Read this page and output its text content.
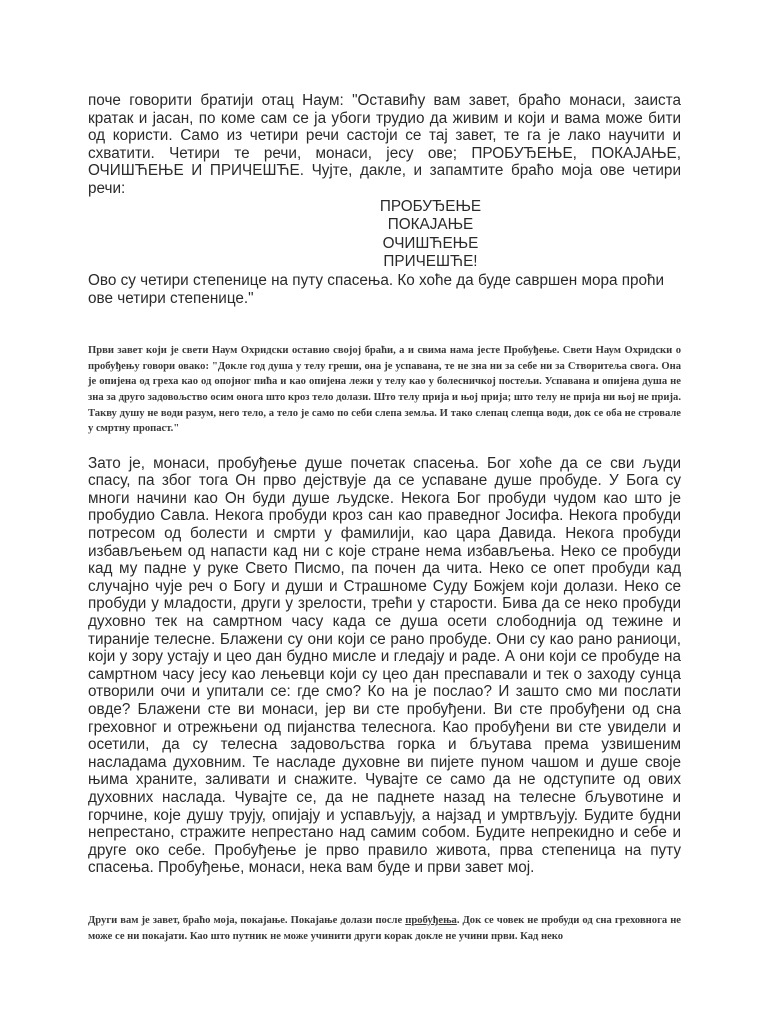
поче говорити братији отац Наум: "Оставићу вам завет, браћо монаси, заиста кратак и јасан, по коме сам се ја убоги трудио да живим и који и вама може бити од користи. Само из четири речи састоји се тај завет, те га је лако научити и схватити. Четири те речи, монаси, јесу ове; ПРОБУЂЕЊЕ, ПОКАЈАЊЕ, ОЧИШЋЕЊЕ И ПРИЧЕШЋЕ. Чујте, дакле, и запамтите браћо моја ове четири речи:

ПРОБУЂЕЊЕ
ПОКАЈАЊЕ
ОЧИШЋЕЊЕ
ПРИЧЕШЋЕ!

Ово су четири степенице на путу спасења. Ко хоће да буде савршен мора проћи ове четири степенице."

Први завет који је свети Наум Охридски оставио својој браћи, а и свима нама јесте Пробуђење. Свети Наум Охридски о пробуђењу говори овако: "Докле год душа у телу греши, она је успавана, те не зна ни за себе ни за Створитеља свога. Она је опијена од греха као од опојног пића и као опијена лежи у телу као у болесничкој постељи. Успавана и опијена душа не зна за друго задовољство осим онога што кроз тело долази. Што телу прија и њој прија; што телу не прија ни њој не прија. Такву душу не води разум, него тело, а тело је само по себи слепа земља. И тако слепац слепца води, док се оба не стровале у смртну пропаст."

Зато је, монаси, пробуђење душе почетак спасења. Бог хоће да се сви људи спасу, па због тога Он прво дејствује да се успаване душе пробуде. У Бога су многи начини као Он буди душе људске. Некога Бог пробуди чудом као што је пробудио Савла. Некога пробуди кроз сан као праведног Јосифа. Некога пробуди потресом од болести и смрти у фамилији, као цара Давида. Некога пробуди избављењем од напасти кад ни с које стране нема избављења. Неко се пробуди кад му падне у руке Свето Писмо, па почен да чита. Неко се опет пробуди кад случајно чује реч о Богу и души и Страшноме Суду Божјем који долази. Неко се пробуди у младости, други у зрелости, трећи у старости. Бива да се неко пробуди духовно тек на самртном часу када се душа осети слободнија од тежине и тираније телесне. Блажени су они који се рано пробуде. Они су као рано раниоци, који у зору устају и цео дан будно мисле и гледају и раде. А они који се пробуде на самртном часу јесу као лењевци који су цео дан преспавали и тек о заходу сунца отворили очи и упитали се: где смо? Ко на је послао? И зашто смо ми послати овде? Блажени сте ви монаси, јер ви сте пробуђени. Ви сте пробуђени од сна греховног и отрежњени од пијанства телеснога. Као пробуђени ви сте увидели и осетили, да су телесна задовољства горка и бљутава према узвишеним насладама духовним. Те насладе духовне ви пијете пуном чашом и душе своје њима храните, заливати и снажите. Чувајте се само да не одступите од ових духовних наслада. Чувајте се, да не паднете назад на телесне бљувотине и горчине, које душу трују, опијају и успављују, а најзад и умртвљују. Будите будни непрестано, стражите непрестано над самим собом. Будите непрекидно и себе и друге око себе. Пробуђење је прво правило живота, прва степеница на путу спасења. Пробуђење, монаси, нека вам буде и први завет мој.

Други вам је завет, браћо моја, покајање. Покајање долази после пробуђења. Док се човек не пробуди од сна греховнога не може се ни покајати. Као што путник не може учинити други корак докле не учини први. Кад неко
